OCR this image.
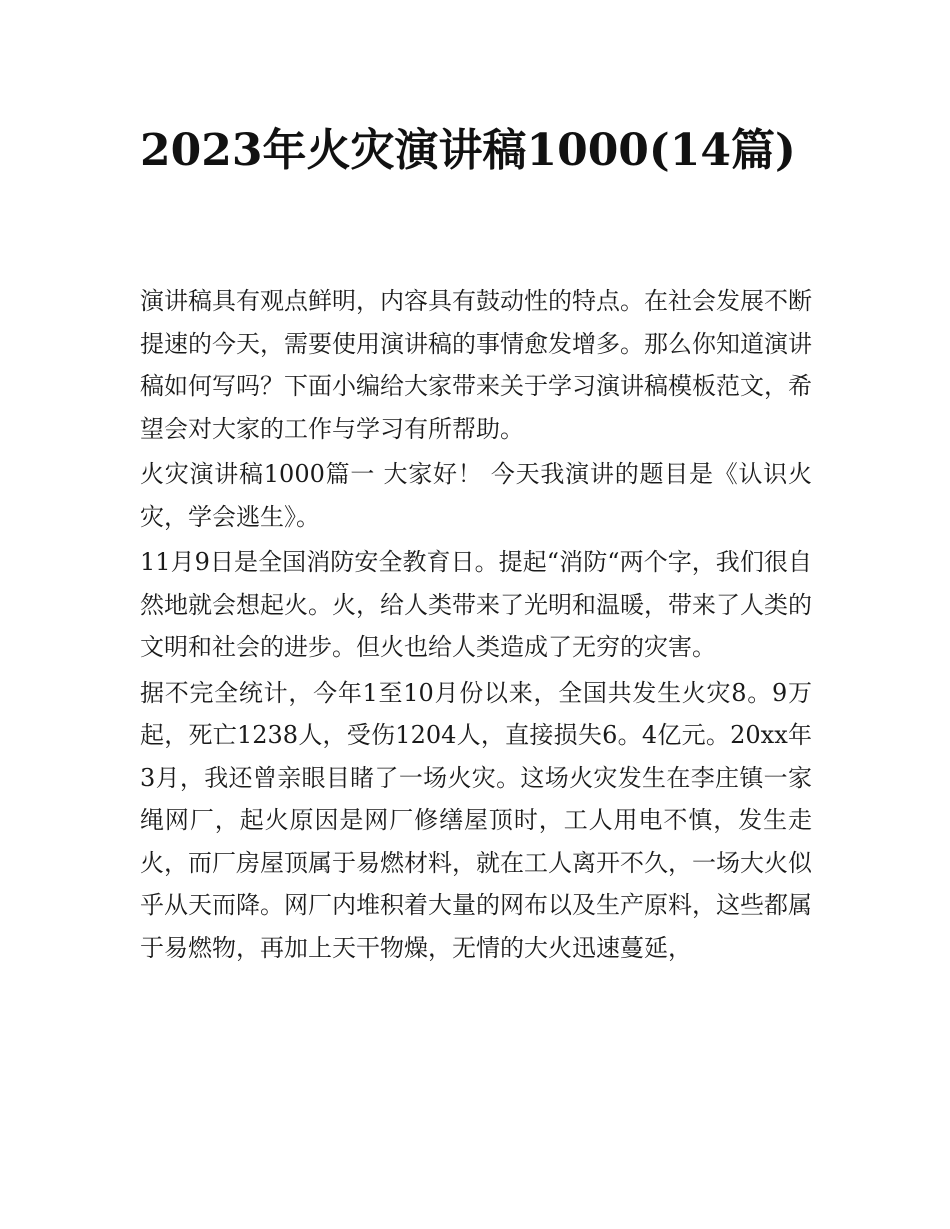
2023年火灾演讲稿1000(14篇)

演讲稿具有观点鲜明，内容具有鼓动性的特点。在社会发展不断提速的今天，需要使用演讲稿的事情愈发增多。那么你知道演讲稿如何写吗？下面小编给大家带来关于学习演讲稿模板范文，希望会对大家的工作与学习有所帮助。

火灾演讲稿1000篇一 大家好！ 今天我演讲的题目是《认识火灾，学会逃生》。

11月9日是全国消防安全教育日。提起“消防“两个字，我们很自然地就会想起火。火，给人类带来了光明和温暖，带来了人类的文明和社会的进步。但火也给人类造成了无穷的灾害。

据不完全统计，今年1至10月份以来，全国共发生火灾8。9万起，死亡1238人，受伤1204人，直接损失6。4亿元。20xx年3月，我还曾亲眼目睹了一场火灾。这场火灾发生在李庄镇一家绳网厂，起火原因是网厂修缮屋顶时，工人用电不慎，发生走火，而厂房屋顶属于易燃材料，就在工人离开不久，一场大火似乎从天而降。网厂内堆积着大量的网布以及生产原料，这些都属于易燃物，再加上天干物燥，无情的大火迅速蔓延，
